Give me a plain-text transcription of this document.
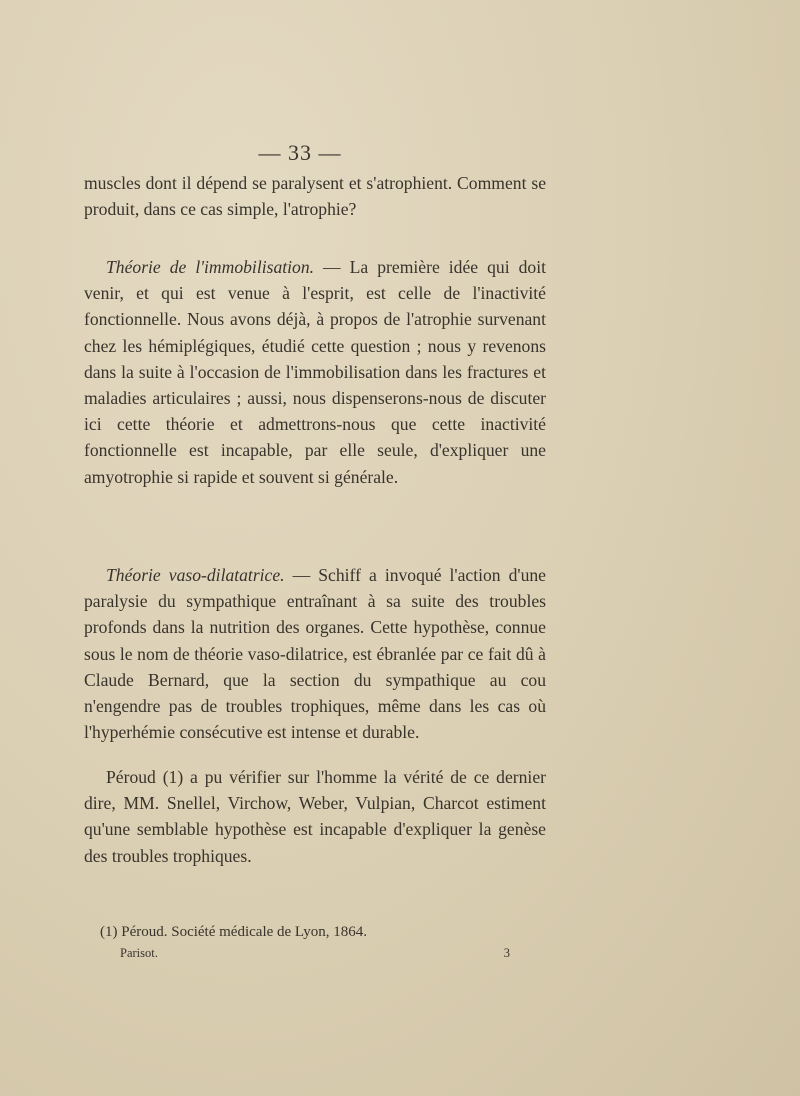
— 33 —

muscles dont il dépend se paralysent et s'atrophient. Comment se produit, dans ce cas simple, l'atrophie?

Théorie de l'immobilisation. — La première idée qui doit venir, et qui est venue à l'esprit, est celle de l'inactivité fonctionnelle. Nous avons déjà, à propos de l'atrophie survenant chez les hémiplégiques, étudié cette question ; nous y revenons dans la suite à l'occasion de l'immobilisation dans les fractures et maladies articulaires ; aussi, nous dispenserons-nous de discuter ici cette théorie et admettrons-nous que cette inactivité fonctionnelle est incapable, par elle seule, d'expliquer une amyotrophie si rapide et souvent si générale.

Théorie vaso-dilatatrice. — Schiff a invoqué l'action d'une paralysie du sympathique entraînant à sa suite des troubles profonds dans la nutrition des organes. Cette hypothèse, connue sous le nom de théorie vaso-dilatrice, est ébranlée par ce fait dû à Claude Bernard, que la section du sympathique au cou n'engendre pas de troubles trophiques, même dans les cas où l'hyperhémie consécutive est intense et durable.

Péroud (1) a pu vérifier sur l'homme la vérité de ce dernier dire, MM. Snellel, Virchow, Weber, Vulpian, Charcot estiment qu'une semblable hypothèse est incapable d'expliquer la genèse des troubles trophiques.

(1) Péroud. Société médicale de Lyon, 1864.
Parisot.	3
